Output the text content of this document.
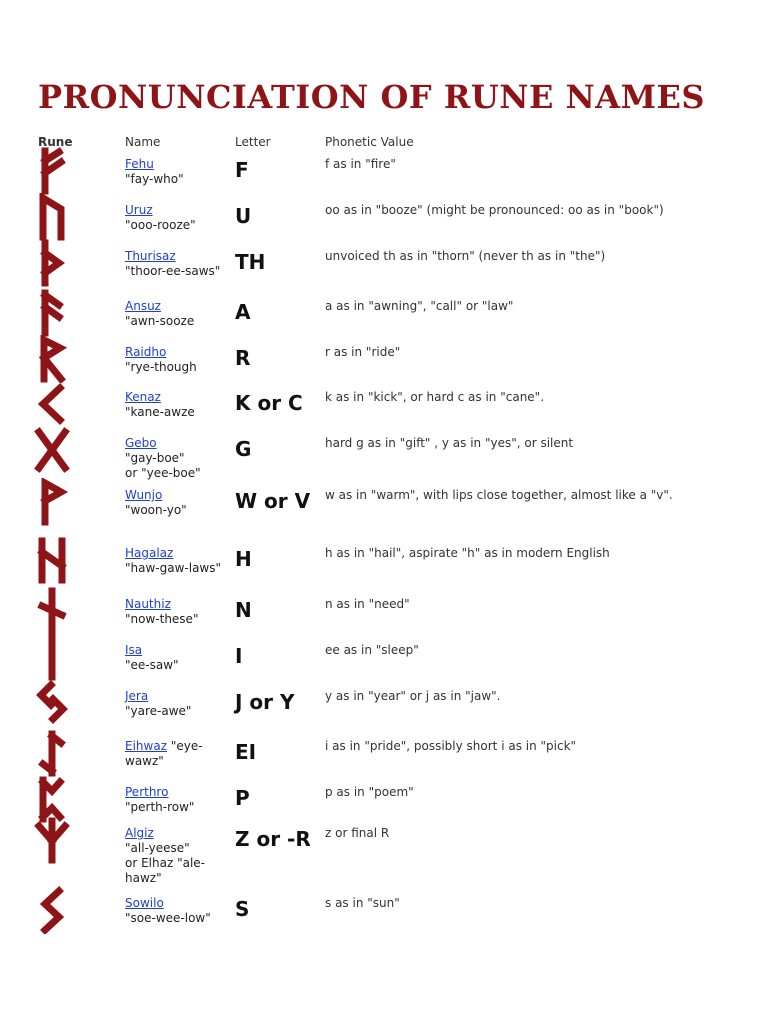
PRONUNCIATION OF RUNE NAMES
Rune	Name	Letter	Phonetic Value
Fehu
"fay-who"	F	f as in "fire"
Uruz
"ooo-rooze"	U	oo as in "booze" (might be pronounced: oo as in "book")
Thurisaz
"thoor-ee-saws" TH	unvoiced th as in "thorn" (never th as in "the")
Ansuz
"awn-sooze	A	a as in "awning", "call" or "law"
Raidho
"rye-though	R	r as in "ride"
Kenaz
"kane-awze	K or C	k as in "kick", or hard c as in "cane".
Gebo
"gay-boe"
or "yee-boe"
G	hard g as in "gift" , y as in "yes", or silent
Wunjo
"woon-yo"	W or V	w as in "warm", with lips close together, almost like a "v".
Hagalaz
"haw-gaw-laws" H	h as in "hail", aspirate "h" as in modern English
Nauthiz
"now-these"	N	n as in "need"
Isa
"ee-saw"	I	ee as in "sleep"
Jera
"yare-awe"	J or Y	y as in "year" or j as in "jaw".
Eihwaz "eye-wawz"	EI	i as in "pride", possibly short i as in "pick"
Perthro
"perth-row"	P	p as in "poem"
Algiz
"all-yeese"
or Elhaz "ale-hawz"
Z or -R	z or final R
Sowilo
"soe-wee-low"	S	s as in "sun"
